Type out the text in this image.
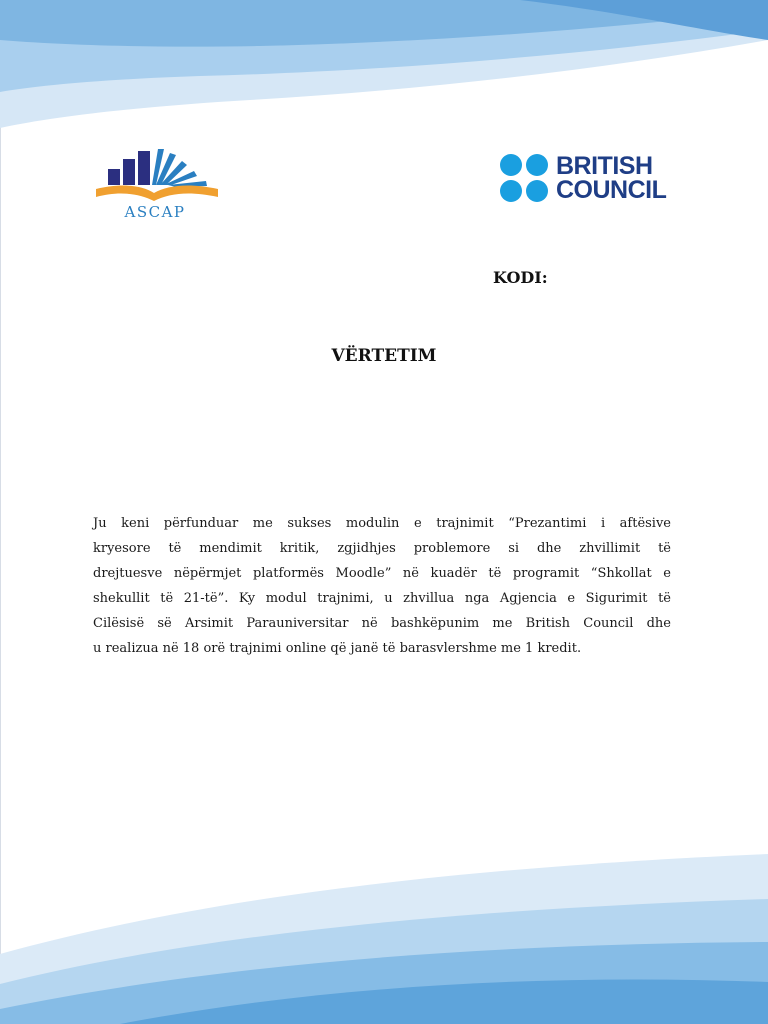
ASCAP
BRITISH
COUNCIL
KODI:
VËRTETIM
Ju keni përfunduar me sukses modulin e trajnimit “Prezantimi i aftësive
kryesore të mendimit kritik, zgjidhjes problemore si dhe zhvillimit të
drejtuesve nëpërmjet platformës Moodle” në kuadër të programit “Shkollat e
shekullit të 21-të”. Ky modul trajnimi, u zhvillua nga Agjencia e Sigurimit të
Cilësisë së Arsimit Parauniversitar në bashkëpunim me British Council dhe
u realizua në 18 orë trajnimi online që janë të barasvlershme me 1 kredit.
